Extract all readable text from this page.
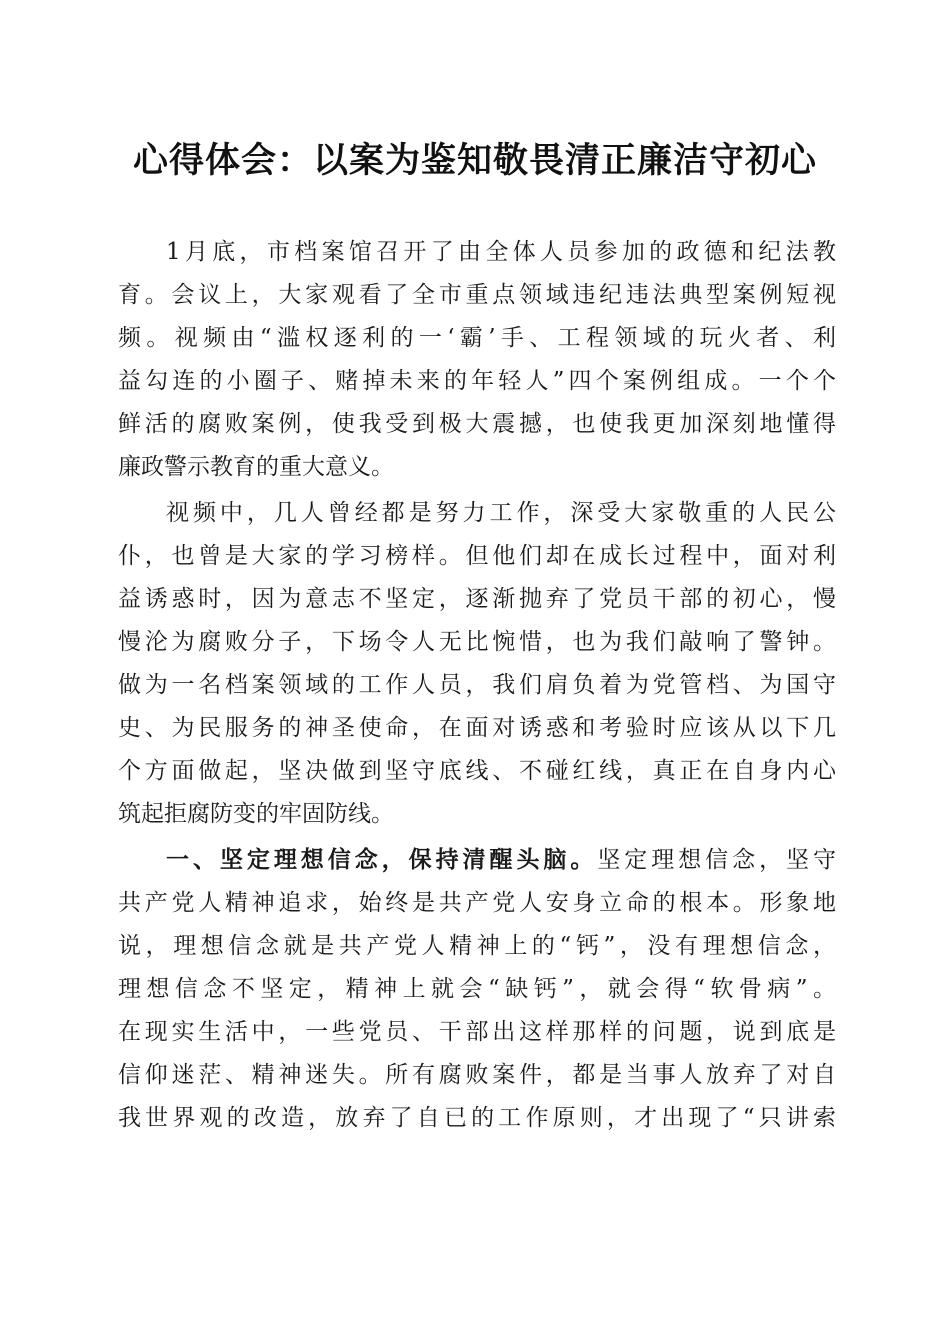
心得体会：以案为鉴知敬畏清正廉洁守初心
1月底，市档案馆召开了由全体人员参加的政德和纪法教
育。会议上，大家观看了全市重点领域违纪违法典型案例短视
频。视频由“滥权逐利的一‘霸’手、工程领域的玩火者、利
益勾连的小圈子、赌掉未来的年轻人”四个案例组成。一个个
鲜活的腐败案例，使我受到极大震撼，也使我更加深刻地懂得
廉政警示教育的重大意义。
视频中，几人曾经都是努力工作，深受大家敬重的人民公
仆，也曾是大家的学习榜样。但他们却在成长过程中，面对利
益诱惑时，因为意志不坚定，逐渐抛弃了党员干部的初心，慢
慢沦为腐败分子，下场令人无比惋惜，也为我们敲响了警钟。
做为一名档案领域的工作人员，我们肩负着为党管档、为国守
史、为民服务的神圣使命，在面对诱惑和考验时应该从以下几
个方面做起，坚决做到坚守底线、不碰红线，真正在自身内心
筑起拒腐防变的牢固防线。
一、坚定理想信念，保持清醒头脑。坚定理想信念，坚守
共产党人精神追求，始终是共产党人安身立命的根本。形象地
说，理想信念就是共产党人精神上的“钙”，没有理想信念，
理想信念不坚定，精神上就会“缺钙”，就会得“软骨病”。
在现实生活中，一些党员、干部出这样那样的问题，说到底是
信仰迷茫、精神迷失。所有腐败案件，都是当事人放弃了对自
我世界观的改造，放弃了自已的工作原则，才出现了“只讲索
